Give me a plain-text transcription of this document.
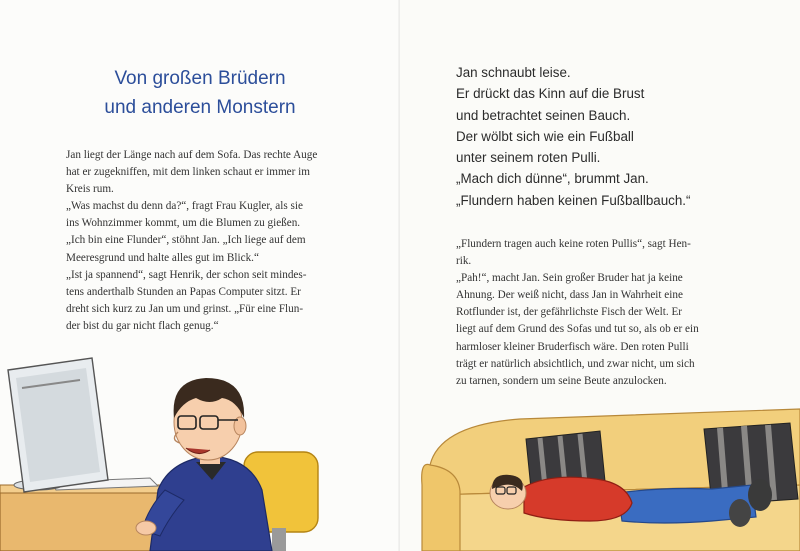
Von großen Brüdern
und anderen Monstern

Jan liegt der Länge nach auf dem Sofa. Das rechte Auge
hat er zugekniffen, mit dem linken schaut er immer im
Kreis rum.
„Was machst du denn da?“, fragt Frau Kugler, als sie
ins Wohnzimmer kommt, um die Blumen zu gießen.
„Ich bin eine Flunder“, stöhnt Jan. „Ich liege auf dem
Meeresgrund und halte alles gut im Blick.“
„Ist ja spannend“, sagt Henrik, der schon seit mindes-
tens anderthalb Stunden an Papas Computer sitzt. Er
dreht sich kurz zu Jan um und grinst. „Für eine Flun-
der bist du gar nicht flach genug.“

Jan schnaubt leise.
Er drückt das Kinn auf die Brust
und betrachtet seinen Bauch.
Der wölbt sich wie ein Fußball
unter seinem roten Pulli.
„Mach dich dünne“, brummt Jan.
„Flundern haben keinen Fußballbauch.“

„Flundern tragen auch keine roten Pullis“, sagt Hen-
rik.
„Pah!“, macht Jan. Sein großer Bruder hat ja keine
Ahnung. Der weiß nicht, dass Jan in Wahrheit eine
Rotflunder ist, der gefährlichste Fisch der Welt. Er
liegt auf dem Grund des Sofas und tut so, als ob er ein
harmloser kleiner Bruderfisch wäre. Den roten Pulli
trägt er natürlich absichtlich, und zwar nicht, um sich
zu tarnen, sondern um seine Beute anzulocken.
